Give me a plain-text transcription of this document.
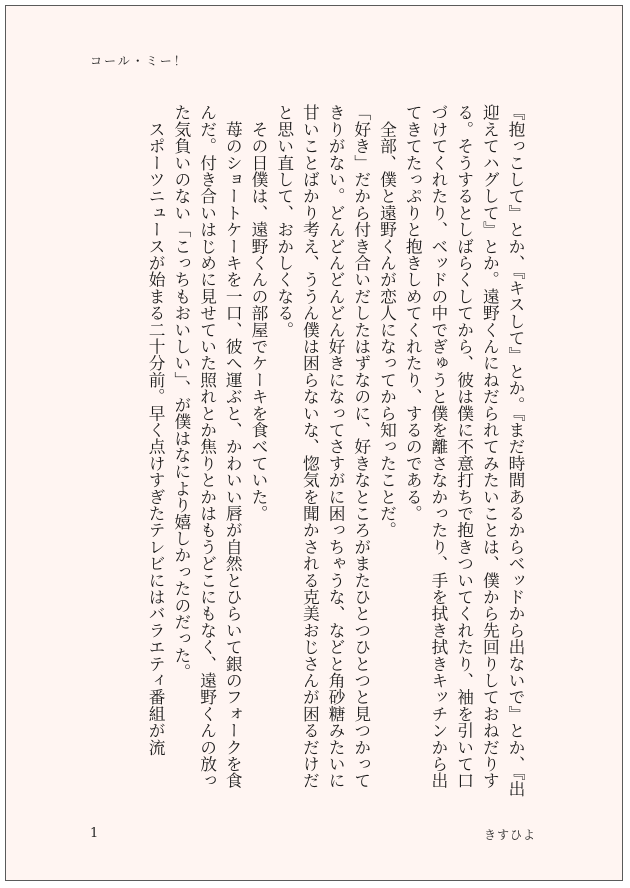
コール・ミー！

『抱っこして』とか、『キスして』とか。『まだ時間あるからベッドから出ないで』とか、『出迎えてハグして』とか。遠野くんにねだられてみたいことは、僕から先回りしておねだりする。そうするとしばらくしてから、彼は僕に不意打ちで抱きついてくれたり、袖を引いて口づけてくれたり、ベッドの中でぎゅうと僕を離さなかったり、手を拭き拭きキッチンから出てきてたっぷりと抱きしめてくれたり、するのである。

　全部、僕と遠野くんが恋人になってから知ったことだ。

「好き」だから付き合いだしたはずなのに、好きなところがまたひとつひとつと見つかってきりがない。どんどんどんどん好きになってさすがに困っちゃうな、などと角砂糖みたいに甘いことばかり考え、ううん僕は困らないな、惚気を聞かされる克美おじさんが困るだけだと思い直して、おかしくなる。

　その日僕は、遠野くんの部屋でケーキを食べていた。

　苺のショートケーキを一口、彼へ運ぶと、かわいい唇が自然とひらいて銀のフォークを食んだ。付き合いはじめに見せていた照れとか焦りとかはもうどこにもなく、遠野くんの放った気負いのない「こっちもおいしい」、が僕はなにより嬉しかったのだった。

　スポーツニュースが始まる二十分前。早く点けすぎたテレビにはバラエティ番組が流

1	きすひよ
